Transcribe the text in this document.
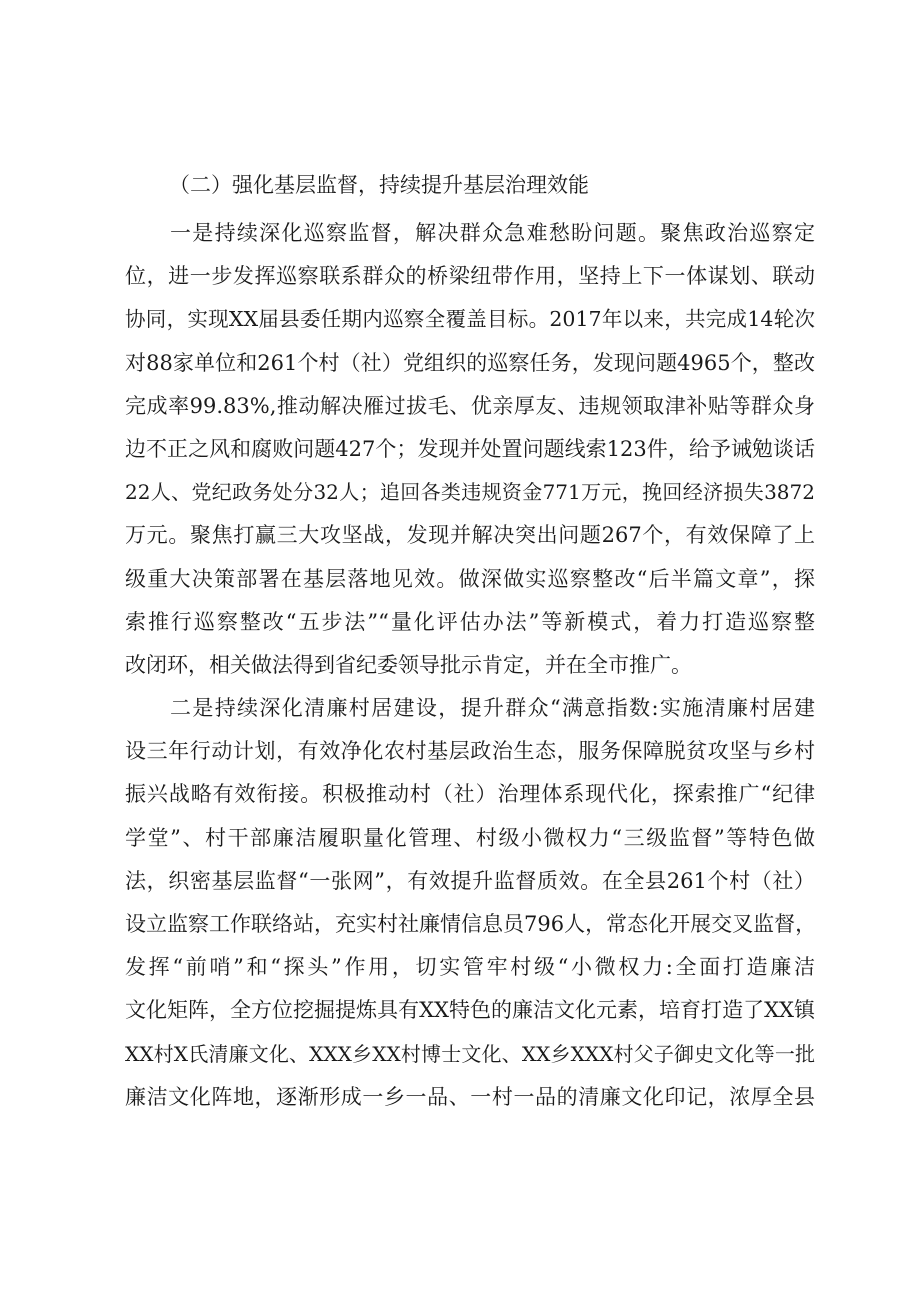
（二）强化基层监督，持续提升基层治理效能
一是持续深化巡察监督，解决群众急难愁盼问题。聚焦政治巡察定
位，进一步发挥巡察联系群众的桥梁纽带作用，坚持上下一体谋划、联动
协同，实现XX届县委任期内巡察全覆盖目标。2017年以来，共完成14轮次
对88家单位和261个村（社）党组织的巡察任务，发现问题4965个，整改
完成率99.83%,推动解决雁过拔毛、优亲厚友、违规领取津补贴等群众身
边不正之风和腐败问题427个；发现并处置问题线索123件，给予诫勉谈话
22人、党纪政务处分32人；追回各类违规资金771万元，挽回经济损失3872
万元。聚焦打赢三大攻坚战，发现并解决突出问题267个，有效保障了上
级重大决策部署在基层落地见效。做深做实巡察整改“后半篇文章”，探
索推行巡察整改“五步法”“量化评估办法”等新模式，着力打造巡察整
改闭环，相关做法得到省纪委领导批示肯定，并在全市推广。
二是持续深化清廉村居建设，提升群众“满意指数:实施清廉村居建
设三年行动计划，有效净化农村基层政治生态，服务保障脱贫攻坚与乡村
振兴战略有效衔接。积极推动村（社）治理体系现代化，探索推广“纪律
学堂”、村干部廉洁履职量化管理、村级小微权力“三级监督”等特色做
法，织密基层监督“一张网”，有效提升监督质效。在全县261个村（社）
设立监察工作联络站，充实村社廉情信息员796人，常态化开展交叉监督，
发挥“前哨”和“探头”作用，切实管牢村级“小微权力:全面打造廉洁
文化矩阵，全方位挖掘提炼具有XX特色的廉洁文化元素，培育打造了XX镇
XX村X氏清廉文化、XXX乡XX村博士文化、XX乡XXX村父子御史文化等一批
廉洁文化阵地，逐渐形成一乡一品、一村一品的清廉文化印记，浓厚全县
